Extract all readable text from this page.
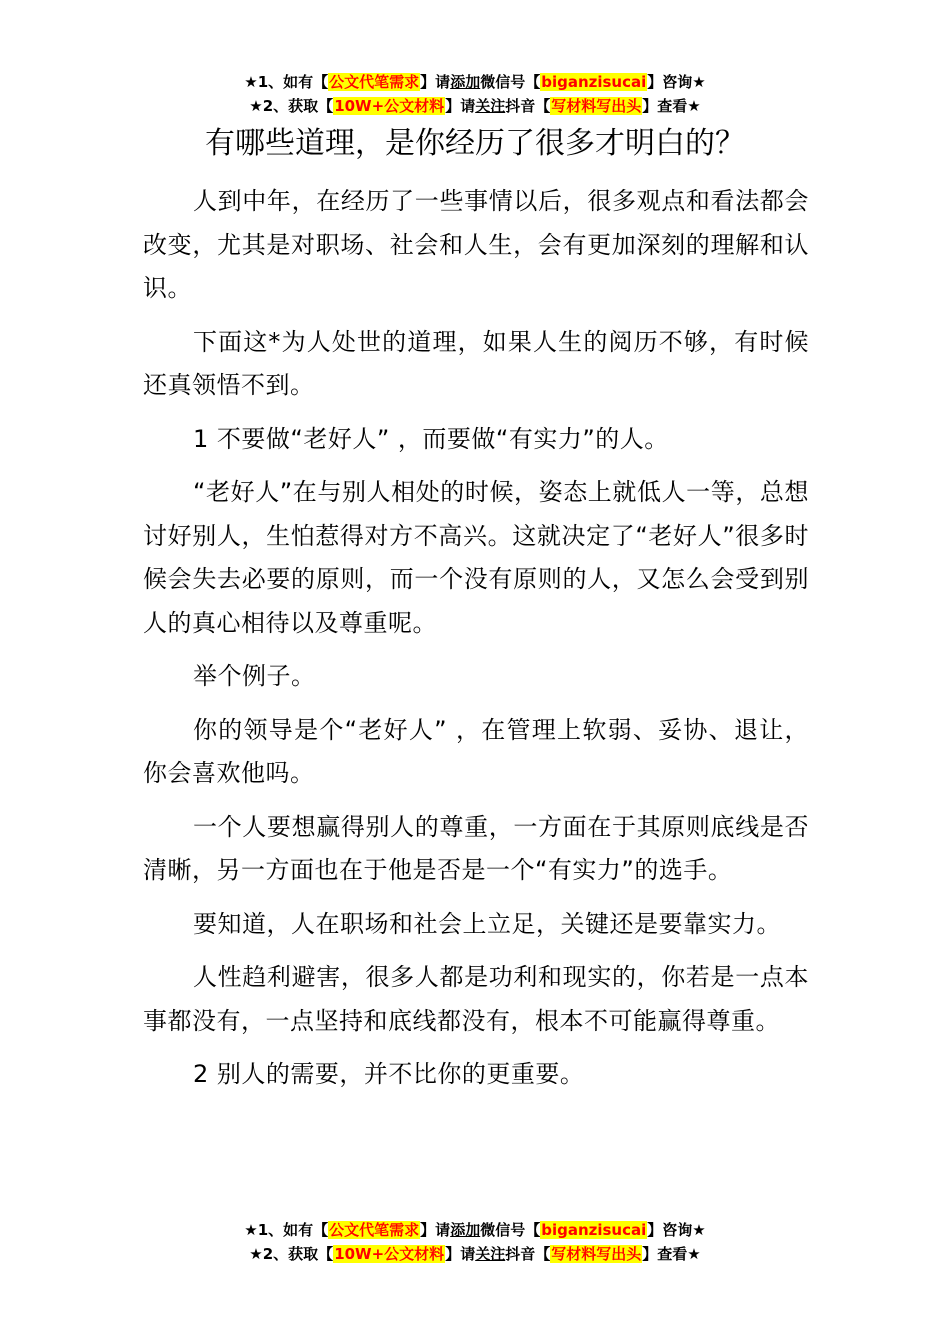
★1、如有【公文代笔需求】请添加微信号【biganzisucai】咨询★
★2、获取【10W+公文材料】请关注抖音【写材料写出头】查看★
有哪些道理，是你经历了很多才明白的？

人到中年，在经历了一些事情以后，很多观点和看法都会改变，尤其是对职场、社会和人生，会有更加深刻的理解和认识。

下面这*为人处世的道理，如果人生的阅历不够，有时候还真领悟不到。

1 不要做“老好人” ，而要做“有实力”的人。

“老好人”在与别人相处的时候，姿态上就低人一等，总想讨好别人，生怕惹得对方不高兴。这就决定了“老好人”很多时候会失去必要的原则，而一个没有原则的人，又怎么会受到别人的真心相待以及尊重呢。

举个例子。

你的领导是个“老好人” ，在管理上软弱、妥协、退让，你会喜欢他吗。

一个人要想赢得别人的尊重，一方面在于其原则底线是否清晰，另一方面也在于他是否是一个“有实力”的选手。

要知道，人在职场和社会上立足，关键还是要靠实力。

人性趋利避害，很多人都是功利和现实的，你若是一点本事都没有，一点坚持和底线都没有，根本不可能赢得尊重。

2 别人的需要，并不比你的更重要。

★1、如有【公文代笔需求】请添加微信号【biganzisucai】咨询★
★2、获取【10W+公文材料】请关注抖音【写材料写出头】查看★
